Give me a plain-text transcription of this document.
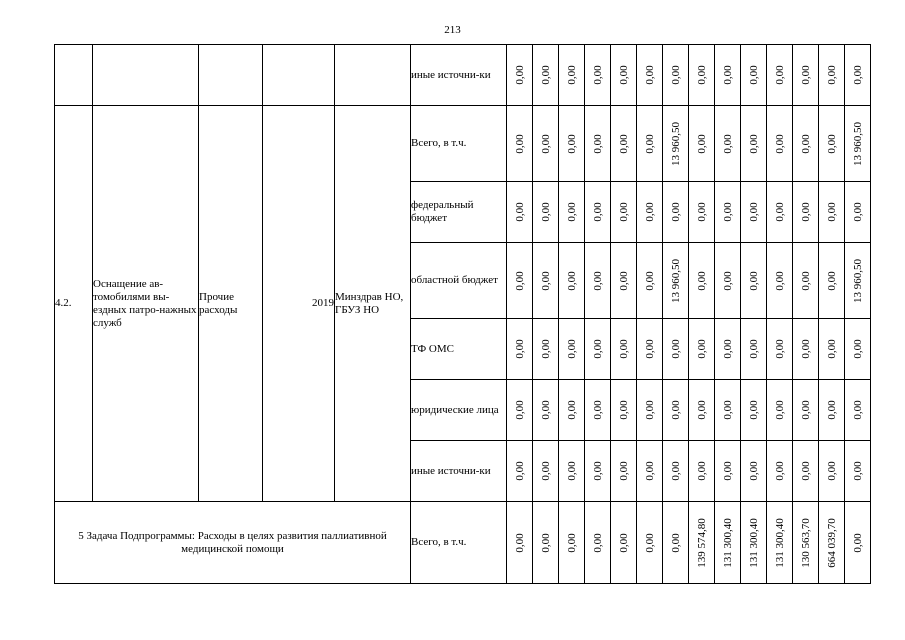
213
					иные источни-ки	0,00	0,00	0,00	0,00	0,00	0,00	0,00	0,00	0,00	0,00	0,00	0,00	0,00	0,00

4.2.	Оснащение ав-томобилями вы-ездных патро-нажных служб	Прочие расходы	2019	Минздрав НО, ГБУЗ НО	Всего, в т.ч.	0,00	0,00	0,00	0,00	0,00	0,00	13 960,50	0,00	0,00	0,00	0,00	0,00	0,00	13 960,50

					федеральный бюджет	0,00	0,00	0,00	0,00	0,00	0,00	0,00	0,00	0,00	0,00	0,00	0,00	0,00	0,00

					областной бюджет	0,00	0,00	0,00	0,00	0,00	0,00	13 960,50	0,00	0,00	0,00	0,00	0,00	0,00	13 960,50

					ТФ ОМС	0,00	0,00	0,00	0,00	0,00	0,00	0,00	0,00	0,00	0,00	0,00	0,00	0,00	0,00

					юридические лица	0,00	0,00	0,00	0,00	0,00	0,00	0,00	0,00	0,00	0,00	0,00	0,00	0,00	0,00

					иные источни-ки	0,00	0,00	0,00	0,00	0,00	0,00	0,00	0,00	0,00	0,00	0,00	0,00	0,00	0,00

5 Задача Подпрограммы: Расходы в целях развития паллиативной медицинской помощи					Всего, в т.ч.	0,00	0,00	0,00	0,00	0,00	0,00	0,00	139 574,80	131 300,40	131 300,40	131 300,40	130 563,70	664 039,70	0,00
